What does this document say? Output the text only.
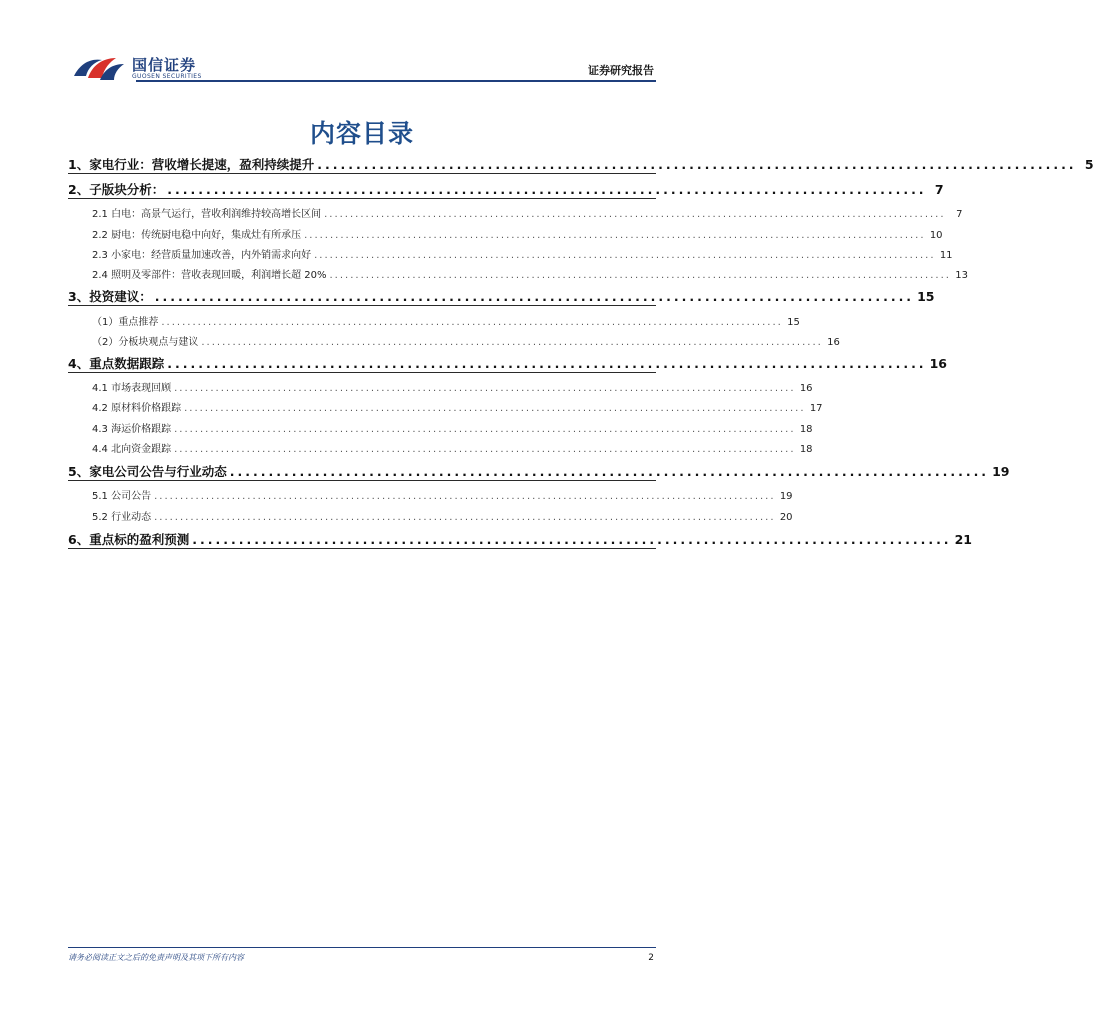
国信证券
GUOSEN SECURITIES	证券研究报告
内容目录
1、家电行业：营收增长提速，盈利持续提升 .................................................................................................. 5
2、子版块分析： .................................................................................................. 7
2.1 白电：高景气运行，营收利润维持较高增长区间 ........................................................................................................................	7
2.2 厨电：传统厨电稳中向好，集成灶有所承压 ........................................................................................................................ 10
2.3 小家电：经营质量加速改善，内外销需求向好 ........................................................................................................................ 11
2.4 照明及零部件：营收表现回暖，利润增长超 20% ........................................................................................................................ 13
3、投资建议： .................................................................................................. 15
（1）重点推荐 ........................................................................................................................ 15
（2）分板块观点与建议 ........................................................................................................................ 16
4、重点数据跟踪 .................................................................................................. 16
4.1 市场表现回顾 ........................................................................................................................ 16
4.2 原材料价格跟踪 ........................................................................................................................ 17
4.3 海运价格跟踪 ........................................................................................................................ 18
4.4 北向资金跟踪 ........................................................................................................................ 18
5、家电公司公告与行业动态 .................................................................................................. 19
5.1 公司公告 ........................................................................................................................ 19
5.2 行业动态 ........................................................................................................................ 20
6、重点标的盈利预测 .................................................................................................. 21
请务必阅读正文之后的免责声明及其项下所有内容	2
